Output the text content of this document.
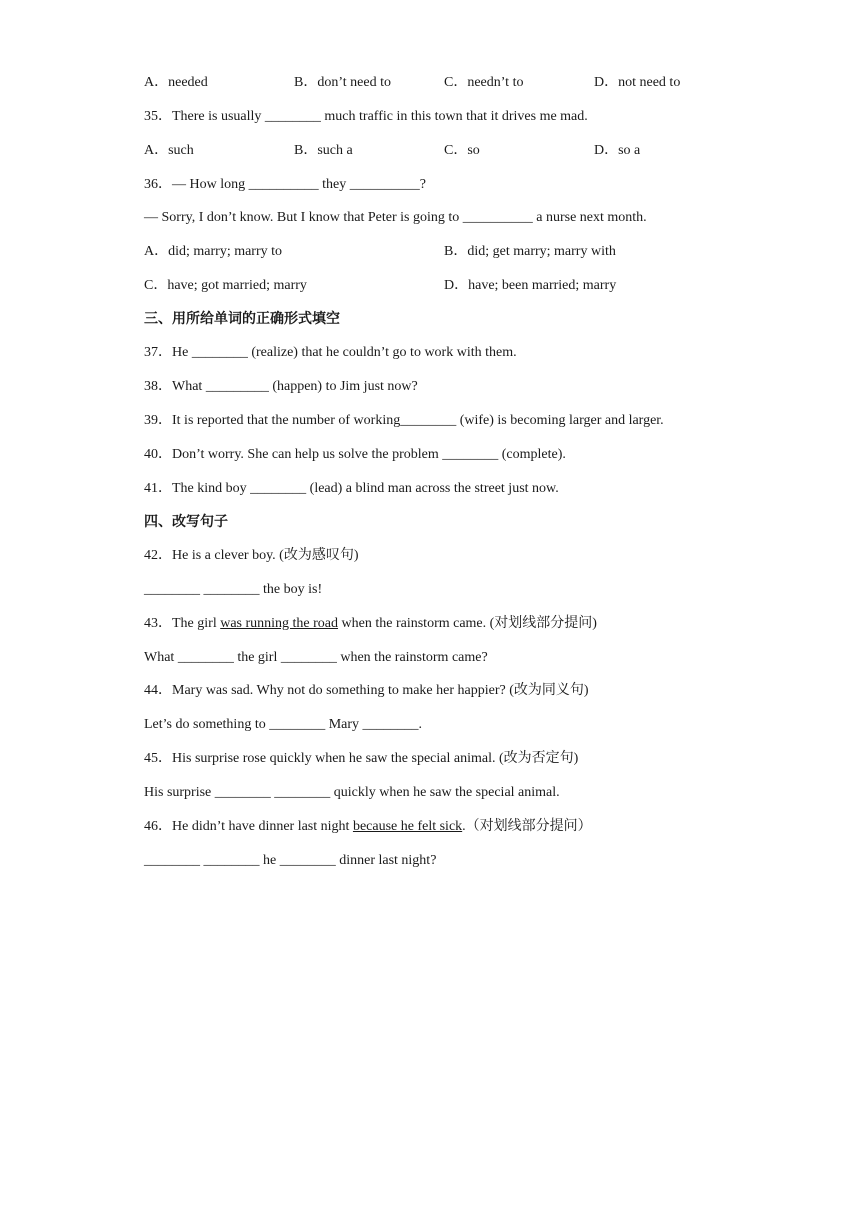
A．needed	B．don’t need to	C．needn’t to	D．not need to
35．There is usually ________ much traffic in this town that it drives me mad.
A．such	B．such a	C．so	D．so a
36．— How long __________ they __________?
— Sorry, I don’t know. But I know that Peter is going to __________ a nurse next month.
A．did; marry; marry to	B．did; get marry; marry with
C．have; got married; marry	D．have; been married; marry
三、用所给单词的正确形式填空
37．He ________ (realize) that he couldn’t go to work with them.
38．What _________ (happen) to Jim just now?
39．It is reported that the number of working________ (wife) is becoming larger and larger.
40．Don’t worry. She can help us solve the problem ________ (complete).
41．The kind boy ________ (lead) a blind man across the street just now.
四、改写句子
42．He is a clever boy. (改为感叹句)
________ ________ the boy is!
43．The girl was running the road when the rainstorm came. (对划线部分提问)
What ________ the girl ________ when the rainstorm came?
44．Mary was sad. Why not do something to make her happier? (改为同义句)
Let’s do something to ________ Mary ________.
45．His surprise rose quickly when he saw the special animal. (改为否定句)
His surprise ________ ________ quickly when he saw the special animal.
46．He didn’t have dinner last night because he felt sick.（对划线部分提问）
________ ________ he ________ dinner last night?
